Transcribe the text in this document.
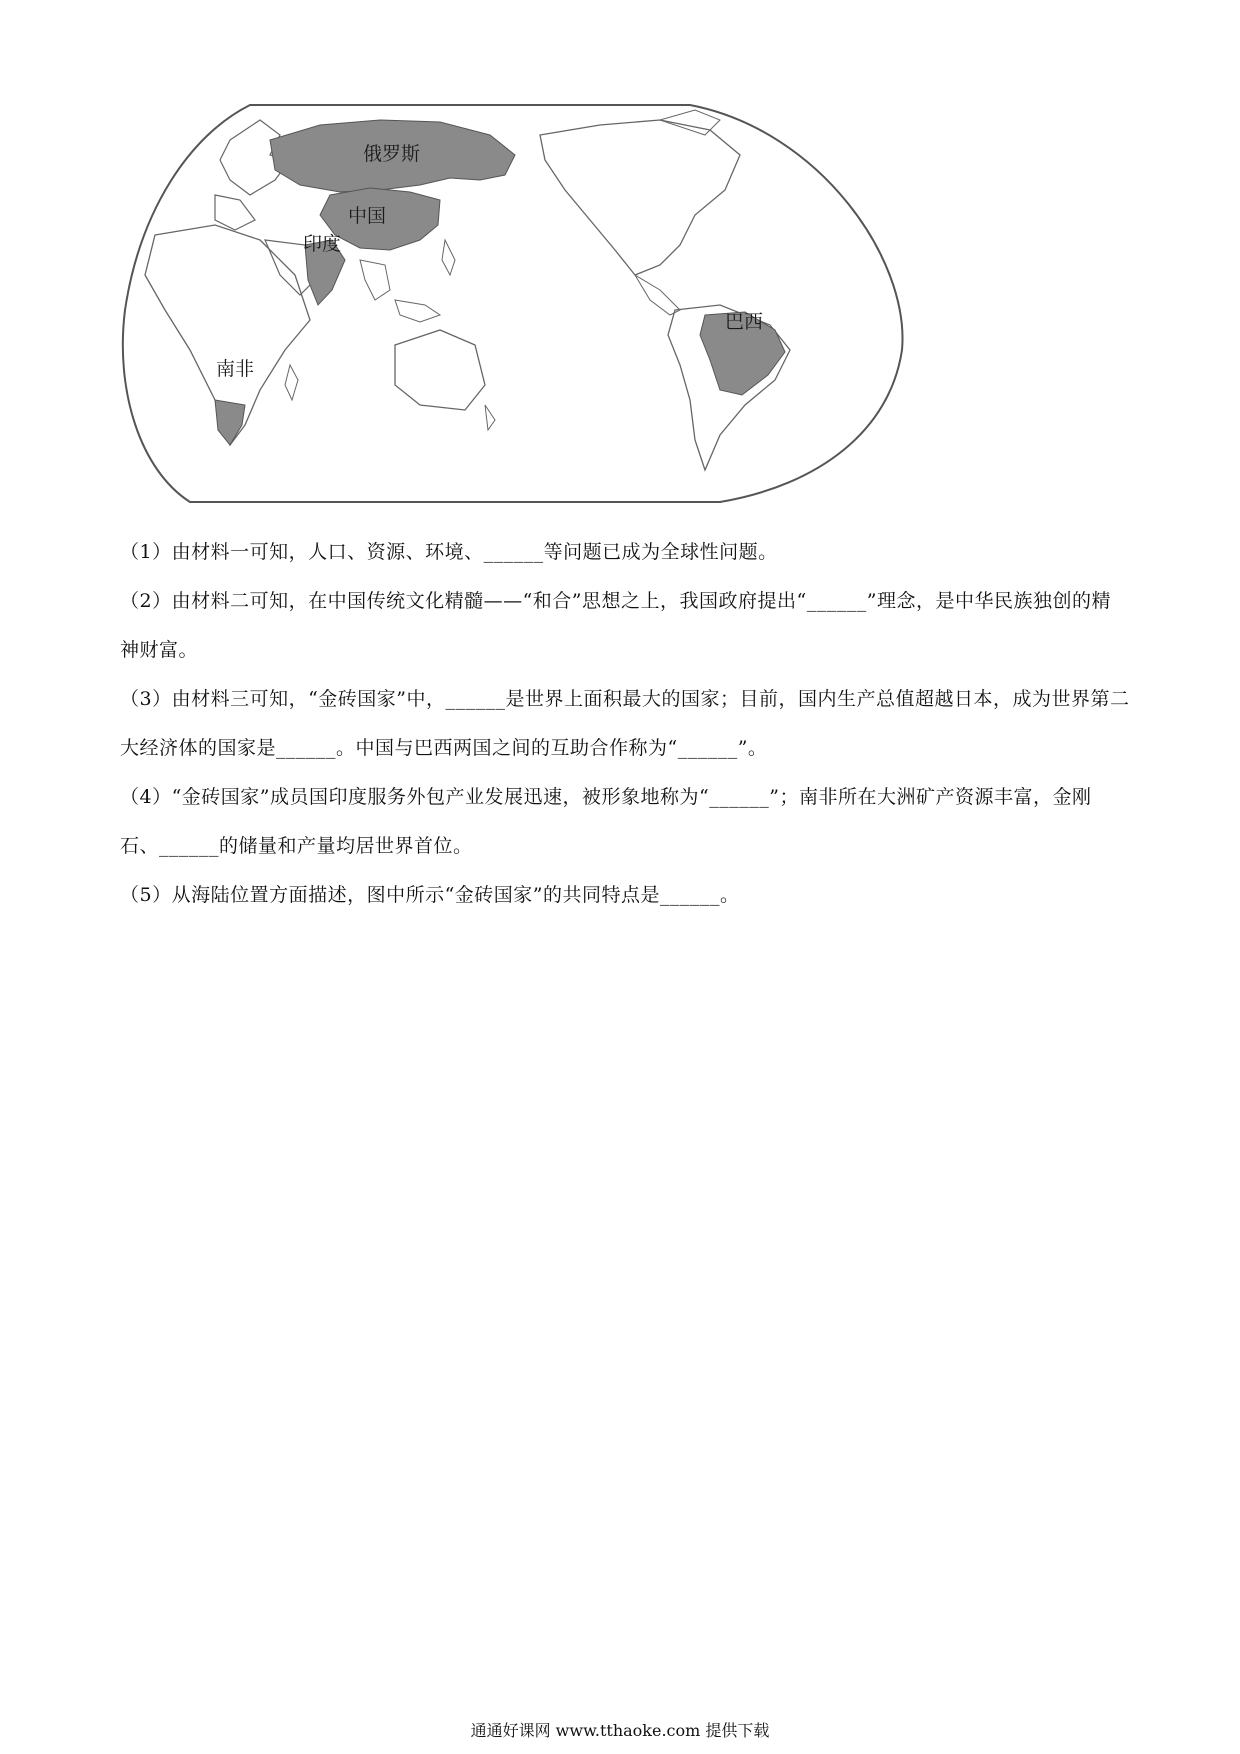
俄罗斯
中国
印度
巴西
南非

（1）由材料一可知，人口、资源、环境、______等问题已成为全球性问题。

（2）由材料二可知，在中国传统文化精髓——“和合”思想之上，我国政府提出“______”理念，是中华民族独创的精神财富。

（3）由材料三可知，“金砖国家”中，______是世界上面积最大的国家；目前，国内生产总值超越日本，成为世界第二大经济体的国家是______。中国与巴西两国之间的互助合作称为“______”。

（4）“金砖国家”成员国印度服务外包产业发展迅速，被形象地称为“______”；南非所在大洲矿产资源丰富，金刚石、______的储量和产量均居世界首位。

（5）从海陆位置方面描述，图中所示“金砖国家”的共同特点是______。

通通好课网 www.tthaoke.com 提供下载
